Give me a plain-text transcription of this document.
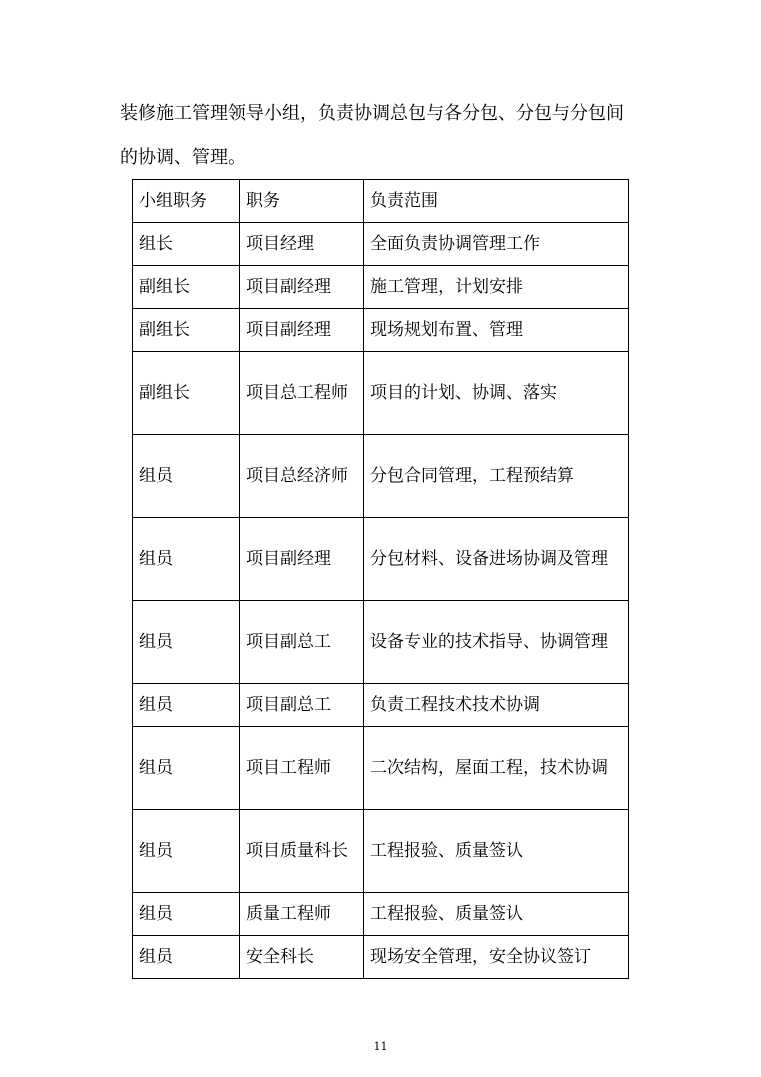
装修施工管理领导小组，负责协调总包与各分包、分包与分包间的协调、管理。

小组职务	职务	负责范围
组长	项目经理	全面负责协调管理工作
副组长	项目副经理	施工管理，计划安排
副组长	项目副经理	现场规划布置、管理
副组长	项目总工程师	项目的计划、协调、落实
组员	项目总经济师	分包合同管理，工程预结算
组员	项目副经理	分包材料、设备进场协调及管理
组员	项目副总工	设备专业的技术指导、协调管理
组员	项目副总工	负责工程技术技术协调
组员	项目工程师	二次结构，屋面工程，技术协调
组员	项目质量科长	工程报验、质量签认
组员	质量工程师	工程报验、质量签认
组员	安全科长	现场安全管理，安全协议签订
11
